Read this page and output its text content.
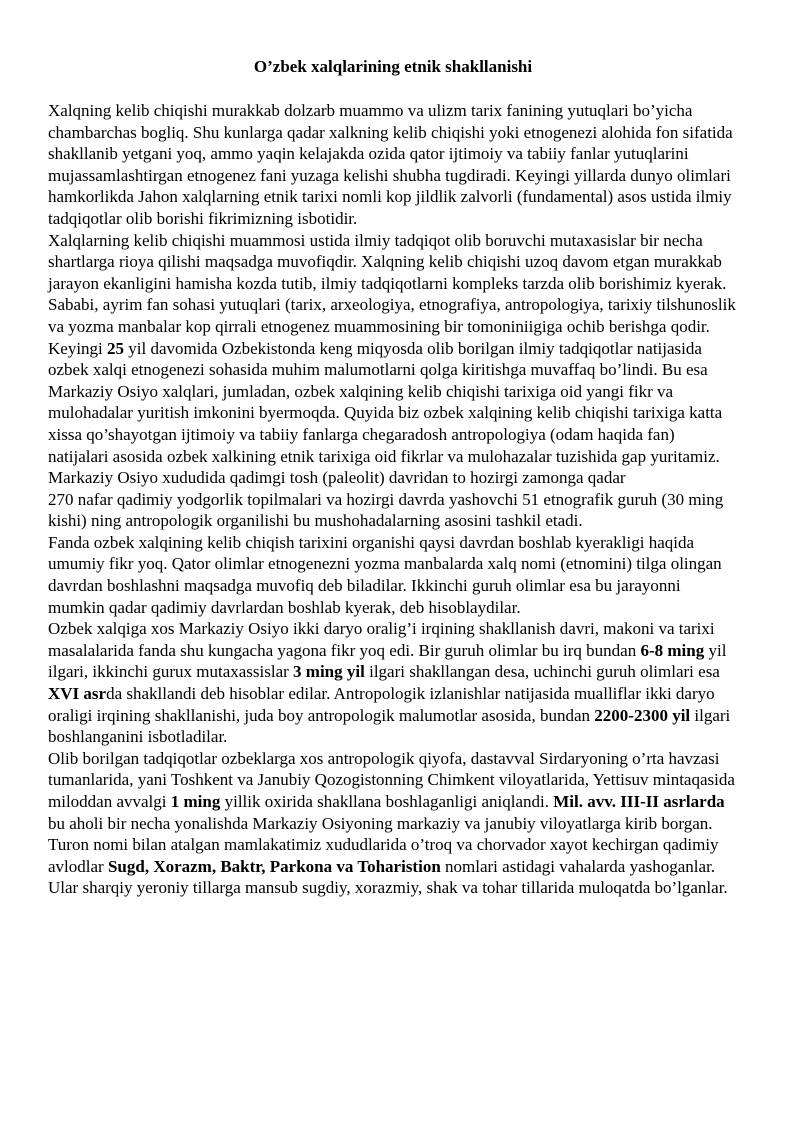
O’zbek xalqlarining etnik shakllanishi

Xalqning kelib chiqishi murakkab dolzarb muammo va ulizm tarix fanining yutuqlari bo’yicha chambarchas bogliq. Shu kunlarga qadar xalkning kelib chiqishi yoki etnogenezi alohida fon sifatida shakllanib yetgani yoq, ammo yaqin kelajakda ozida qator ijtimoiy va tabiiy fanlar yutuqlarini mujassamlashtirgan etnogenez fani yuzaga kelishi shubha tugdiradi. Keyingi yillarda dunyo olimlari hamkorlikda Jahon xalqlarning etnik tarixi nomli kop jildlik zalvorli (fundamental) asos ustida ilmiy tadqiqotlar olib borishi fikrimizning isbotidir.

Xalqlarning kelib chiqishi muammosi ustida ilmiy tadqiqot olib boruvchi mutaxasislar bir necha shartlarga rioya qilishi maqsadga muvofiqdir. Xalqning kelib chiqishi uzoq davom etgan murakkab jarayon ekanligini hamisha kozda tutib, ilmiy tadqiqotlarni kompleks tarzda olib borishimiz kyerak. Sababi, ayrim fan sohasi yutuqlari (tarix, arxeologiya, etnografiya, antropologiya, tarixiy tilshunoslik va yozma manbalar kop qirrali etnogenez muammosining bir tomoniniigiga ochib berishga qodir.

Keyingi 25 yil davomida Ozbekistonda keng miqyosda olib borilgan ilmiy tadqiqotlar natijasida ozbek xalqi etnogenezi sohasida muhim malumotlarni qolga kiritishga muvaffaq bo’lindi. Bu esa Markaziy Osiyo xalqlari, jumladan, ozbek xalqining kelib chiqishi tarixiga oid yangi fikr va mulohadalar yuritish imkonini byermoqda. Quyida biz ozbek xalqining kelib chiqishi tarixiga katta xissa qo’shayotgan ijtimoiy va tabiiy fanlarga chegaradosh antropologiya (odam haqida fan) natijalari asosida ozbek xalkining etnik tarixiga oid fikrlar va mulohazalar tuzishida gap yuritamiz.

Markaziy Osiyo xududida qadimgi tosh (paleolit) davridan to hozirgi zamonga qadar
270 nafar qadimiy yodgorlik topilmalari va hozirgi davrda yashovchi 51 etnografik guruh (30 ming kishi) ning antropologik organilishi bu mushohadalarning asosini tashkil etadi.

Fanda ozbek xalqining kelib chiqish tarixini organishi qaysi davrdan boshlab kyerakligi haqida umumiy fikr yoq. Qator olimlar etnogenezni yozma manbalarda xalq nomi (etnomini) tilga olingan davrdan boshlashni maqsadga muvofiq deb biladilar. Ikkinchi guruh olimlar esa bu jarayonni mumkin qadar qadimiy davrlardan boshlab kyerak, deb hisoblaydilar.

Ozbek xalqiga xos Markaziy Osiyo ikki daryo oralig’i irqining shakllanish davri, makoni va tarixi masalalarida fanda shu kungacha yagona fikr yoq edi. Bir guruh olimlar bu irq bundan 6-8 ming yil ilgari, ikkinchi gurux mutaxassislar 3 ming yil ilgari shakllangan desa, uchinchi guruh olimlari esa XVI asrda shakllandi deb hisoblar edilar. Antropologik izlanishlar natijasida mualliflar ikki daryo oraligi irqining shakllanishi, juda boy antropologik malumotlar asosida, bundan 2200-2300 yil ilgari boshlanganini isbotladilar.

Olib borilgan tadqiqotlar ozbeklarga xos antropologik qiyofa, dastavval Sirdaryoning o’rta havzasi tumanlarida, yani Toshkent va Janubiy Qozogistonning Chimkent viloyatlarida, Yettisuv mintaqasida miloddan avvalgi 1 ming yillik oxirida shakllana boshlaganligi aniqlandi. Mil. avv. III-II asrlarda bu aholi bir necha yonalishda Markaziy Osiyoning markaziy va janubiy viloyatlarga kirib borgan.

Turon nomi bilan atalgan mamlakatimiz xududlarida o’troq va chorvador xayot kechirgan qadimiy avlodlar Sugd, Xorazm, Baktr, Parkona va Toharistion nomlari astidagi vahalarda yashoganlar. Ular sharqiy yeroniy tillarga mansub sugdiy, xorazmiy, shak va tohar tillarida muloqatda bo’lganlar.
